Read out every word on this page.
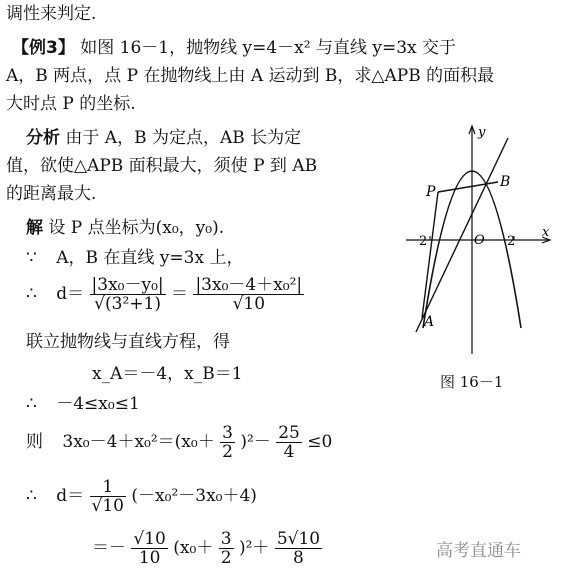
调性来判定.
【例3】 如图 16－1，抛物线 y=4－x² 与直线 y=3x 交于
A，B 两点，点 P 在抛物线上由 A 运动到 B，求△APB 的面积最
大时点 P 的坐标.
分析 由于 A，B 为定点，AB 长为定
值，欲使△APB 面积最大，须使 P 到 AB
的距离最大.
解 设 P 点坐标为(x₀，y₀).
∵ A，B 在直线 y=3x 上，
∴ $d= \frac{\text{|3x₀－y₀|}}{\text{√(3²+1)}} = \frac{\text{|3x₀－4＋x₀²|}}{√10}$
联立抛物线与直线方程，得
x_A＝－4，x_B＝1
∴ －4≤x₀≤1
则 $3x_0-4+x_0^2=(x_0+ \frac{3}{2} )^2- \frac{25}{4} \le 0$
∴ $d= \frac{1}{√10} (-x_0^2-3x_0+4)$
＝－ $\frac{√10}{10} (x_0+ \frac{3}{2} )^2+ \frac{5√10}{8}$
y
x
P
B
O
A
－2	2
图 16－1
高考直通车
